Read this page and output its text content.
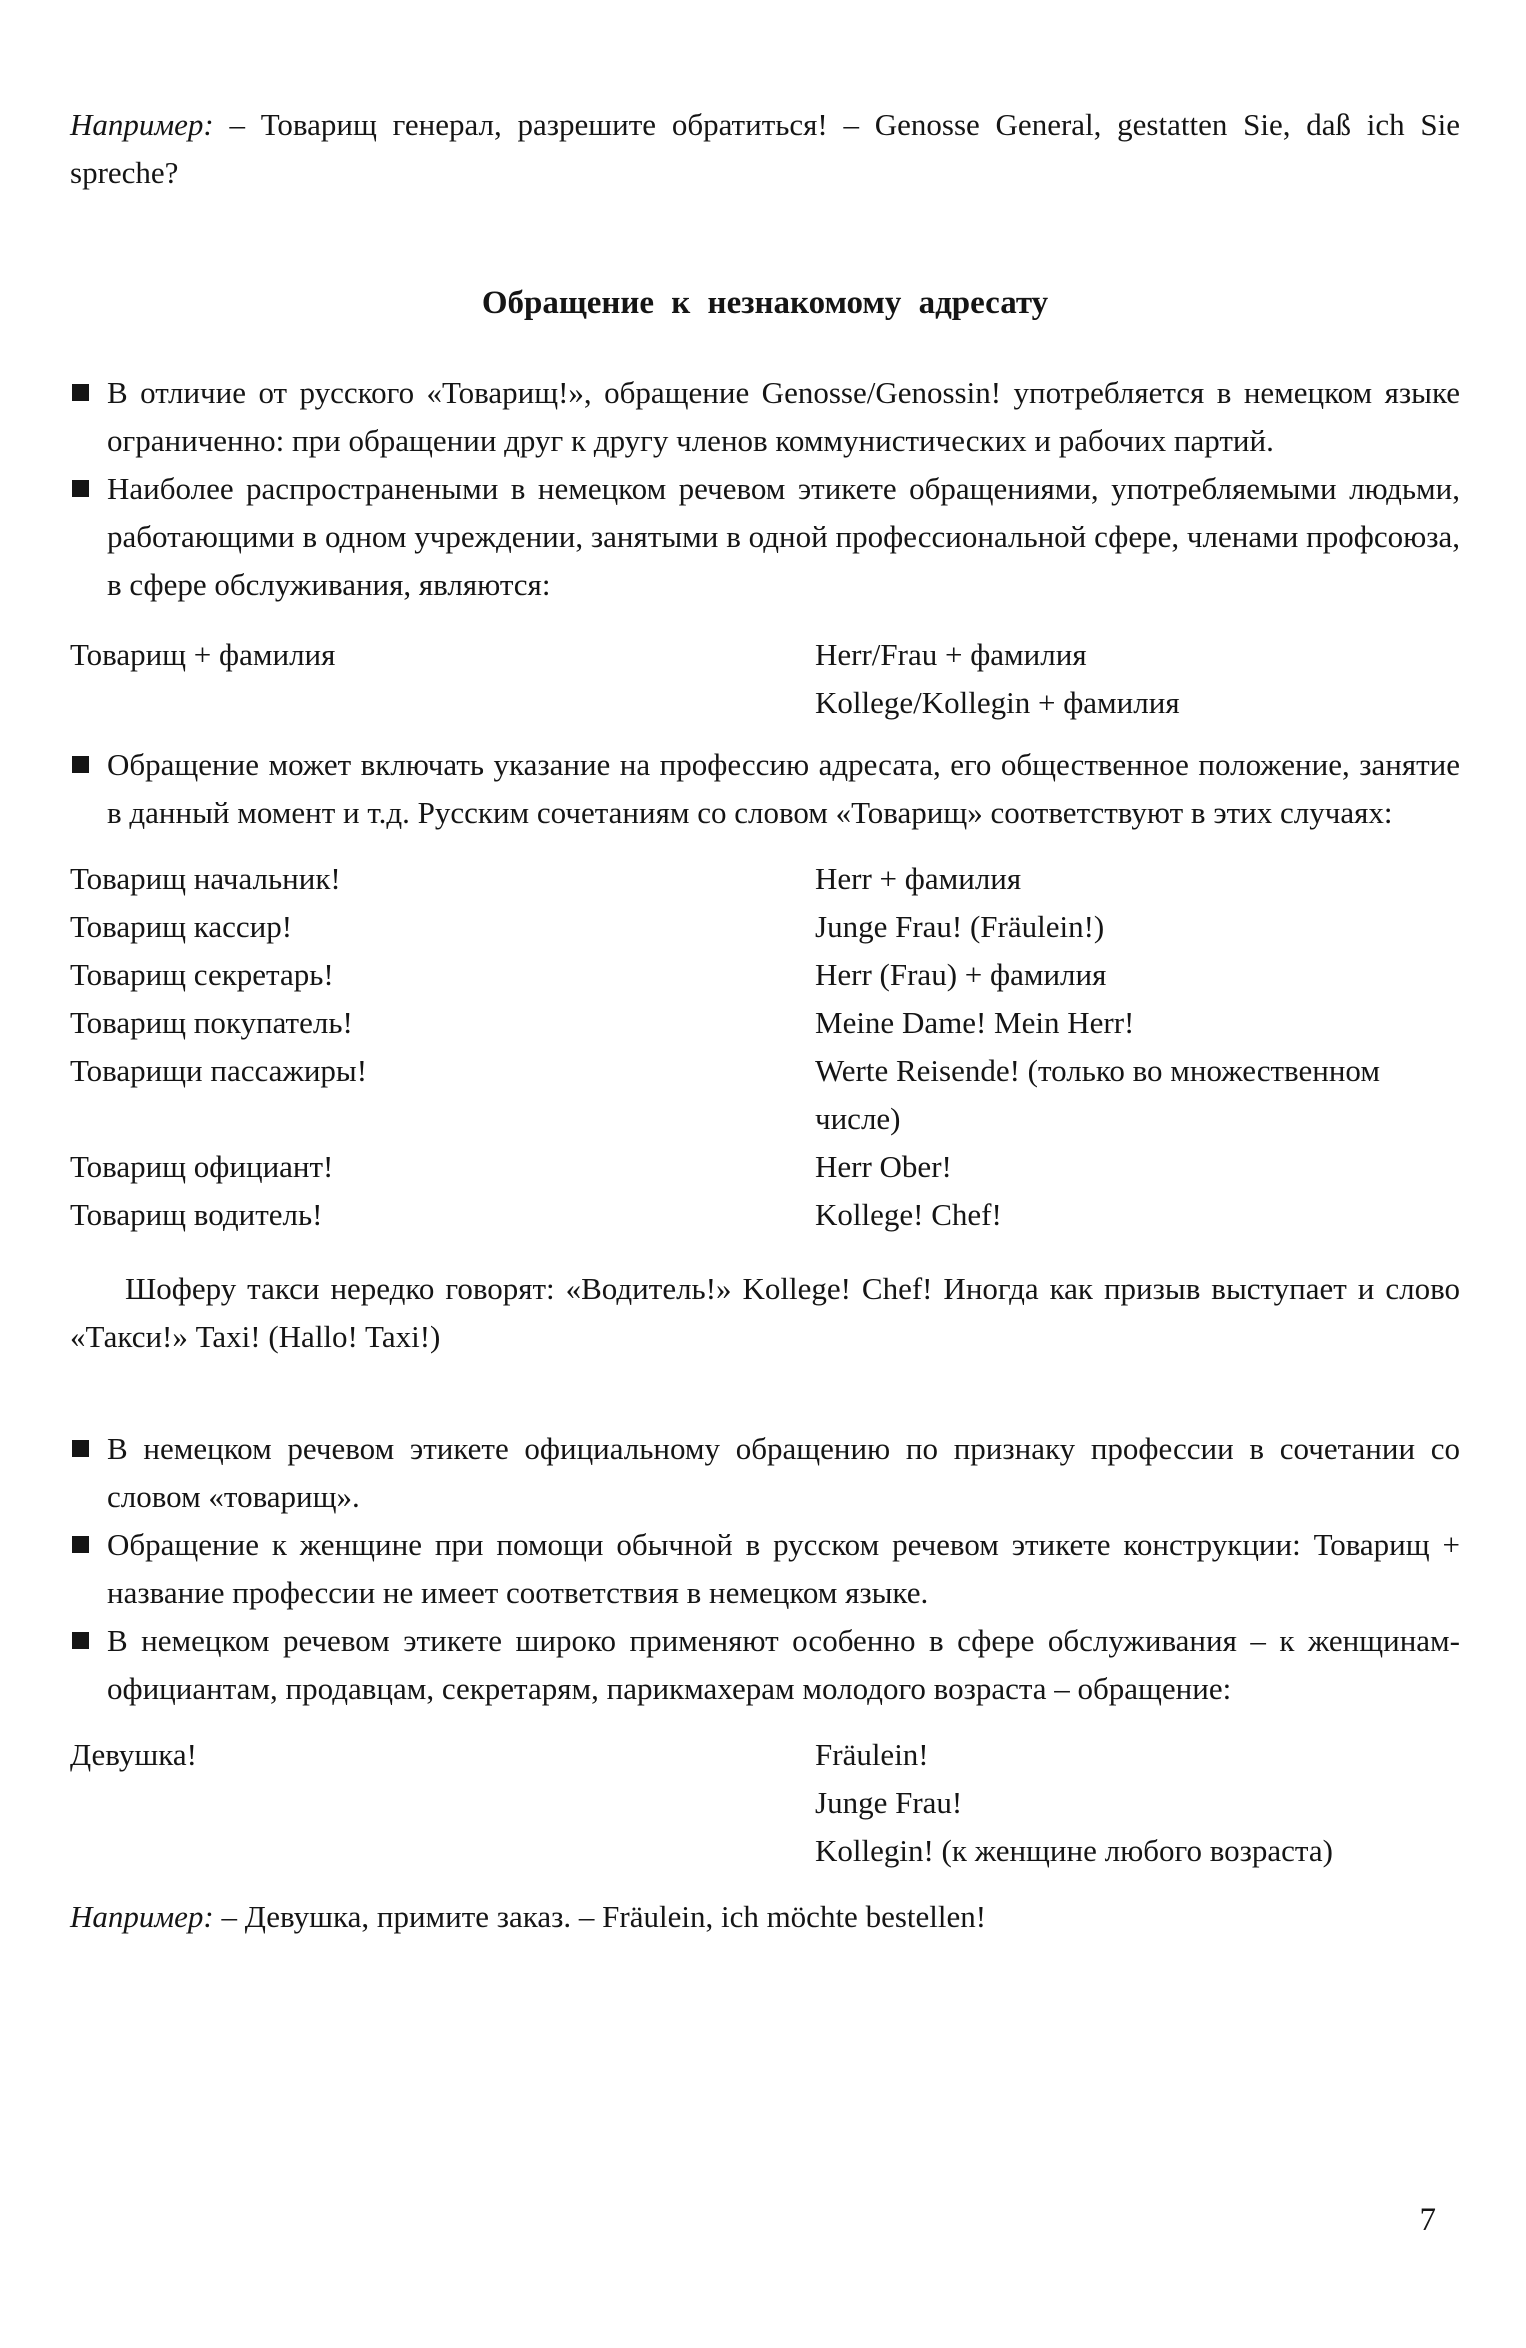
Например: – Товарищ генерал, разрешите обратиться! – Genosse General, gestatten Sie, daß ich Sie spreche?

Обращение к незнакомому адресату
В отличие от русского «Товарищ!», обращение Genosse/Genossin! употребляется в немецком языке ограниченно: при обращении друг к другу членов коммунистических и рабочих партий.
Наиболее распространеными в немецком речевом этикете обращениями, употребляемыми людьми, работающими в одном учреждении, занятыми в одной профессиональной сфере, членами профсоюза, в сфере обслуживания, являются:
Товарищ + фамилия	Herr/Frau + фамилия
Kollege/Kollegin + фамилия
Обращение может включать указание на профессию адресата, его общественное положение, занятие в данный момент и т.д. Русским сочетаниям со словом «Товарищ» соответствуют в этих случаях:
Товарищ начальник!	Herr + фамилия
Товарищ кассир!	Junge Frau! (Fräulein!)
Товарищ секретарь!	Herr (Frau) + фамилия
Товарищ покупатель!	Meine Dame! Mein Herr!
Товарищи пассажиры!	Werte Reisende! (только во множественном числе)
Товарищ официант!	Herr Ober!
Товарищ водитель!	Kollege! Chef!

Шоферу такси нередко говорят: «Водитель!» Kollege! Chef! Иногда как призыв выступает и слово «Такси!» Taxi! (Hallo! Taxi!)

В немецком речевом этикете официальному обращению по признаку профессии в сочетании со словом «товарищ».
Обращение к женщине при помощи обычной в русском речевом этикете конструкции: Товарищ + название профессии не имеет соответствия в немецком языке.
В немецком речевом этикете широко применяют особенно в сфере обслуживания – к женщинам-официантам, продавцам, секретарям, парикмахерам молодого возраста – обращение:
Девушка!	Fräulein!
Junge Frau!
Kollegin! (к женщине любого возраста)

Например: – Девушка, примите заказ. – Fräulein, ich möchte bestellen!

7
